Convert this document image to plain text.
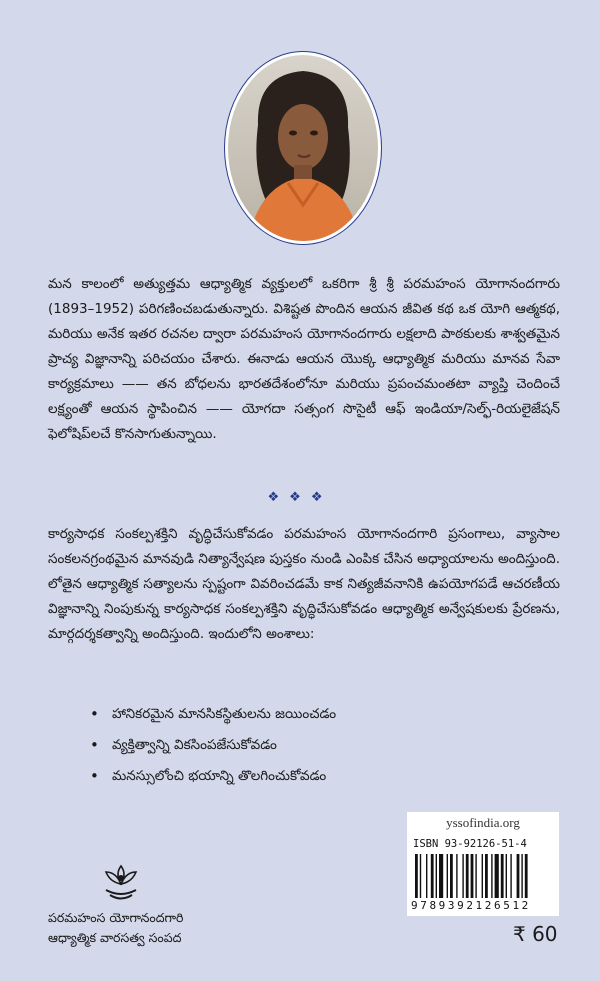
మన కాలంలో అత్యుత్తమ ఆధ్యాత్మిక వ్యక్తులలో ఒకరిగా శ్రీ శ్రీ పరమహంస యోగానందగారు (1893–1952) పరిగణించబడుతున్నారు. విశిష్టత పొందిన ఆయన జీవిత కథ ఒక యోగి ఆత్మకథ, మరియు అనేక ఇతర రచనల ద్వారా పరమహంస యోగానందగారు లక్షలాది పాఠకులకు శాశ్వతమైన ప్రాచ్య విజ్ఞానాన్ని పరిచయం చేశారు. ఈనాడు ఆయన యొక్క ఆధ్యాత్మిక మరియు మానవ సేవా కార్యక్రమాలు —— తన బోధలను భారతదేశంలోనూ మరియు ప్రపంచమంతటా వ్యాప్తి చెందించే లక్ష్యంతో ఆయన స్థాపించిన —— యోగదా సత్సంగ సొసైటీ ఆఫ్ ఇండియా/సెల్ఫ్-రియలైజేషన్ ఫెలోషిప్‌లచే కొనసాగుతున్నాయి.

❖❖❖

కార్యసాధక సంకల్పశక్తిని వృద్ధిచేసుకోవడం పరమహంస యోగానందగారి ప్రసంగాలు, వ్యాసాల సంకలనగ్రంథమైన మానవుడి నిత్యాన్వేషణ పుస్తకం నుండి ఎంపిక చేసిన అధ్యాయాలను అందిస్తుంది. లోతైన ఆధ్యాత్మిక సత్యాలను స్పష్టంగా వివరించడమే కాక నిత్యజీవనానికి ఉపయోగపడే ఆచరణీయ విజ్ఞానాన్ని నింపుకున్న కార్యసాధక సంకల్పశక్తిని వృద్ధిచేసుకోవడం ఆధ్యాత్మిక అన్వేషకులకు ప్రేరణను, మార్గదర్శకత్వాన్ని అందిస్తుంది. ఇందులోని అంశాలు:

• హానికరమైన మానసికస్థితులను జయించడం
• వ్యక్తిత్వాన్ని వికసింపజేసుకోవడం
• మనస్సులోంచి భయాన్ని తొలగించుకోవడం
పరమహంస యోగానందగారి
ఆధ్యాత్మిక వారసత్వ సంపద
yssofindia.org
ISBN 93-92126-51-4
9789392126512
₹ 60
